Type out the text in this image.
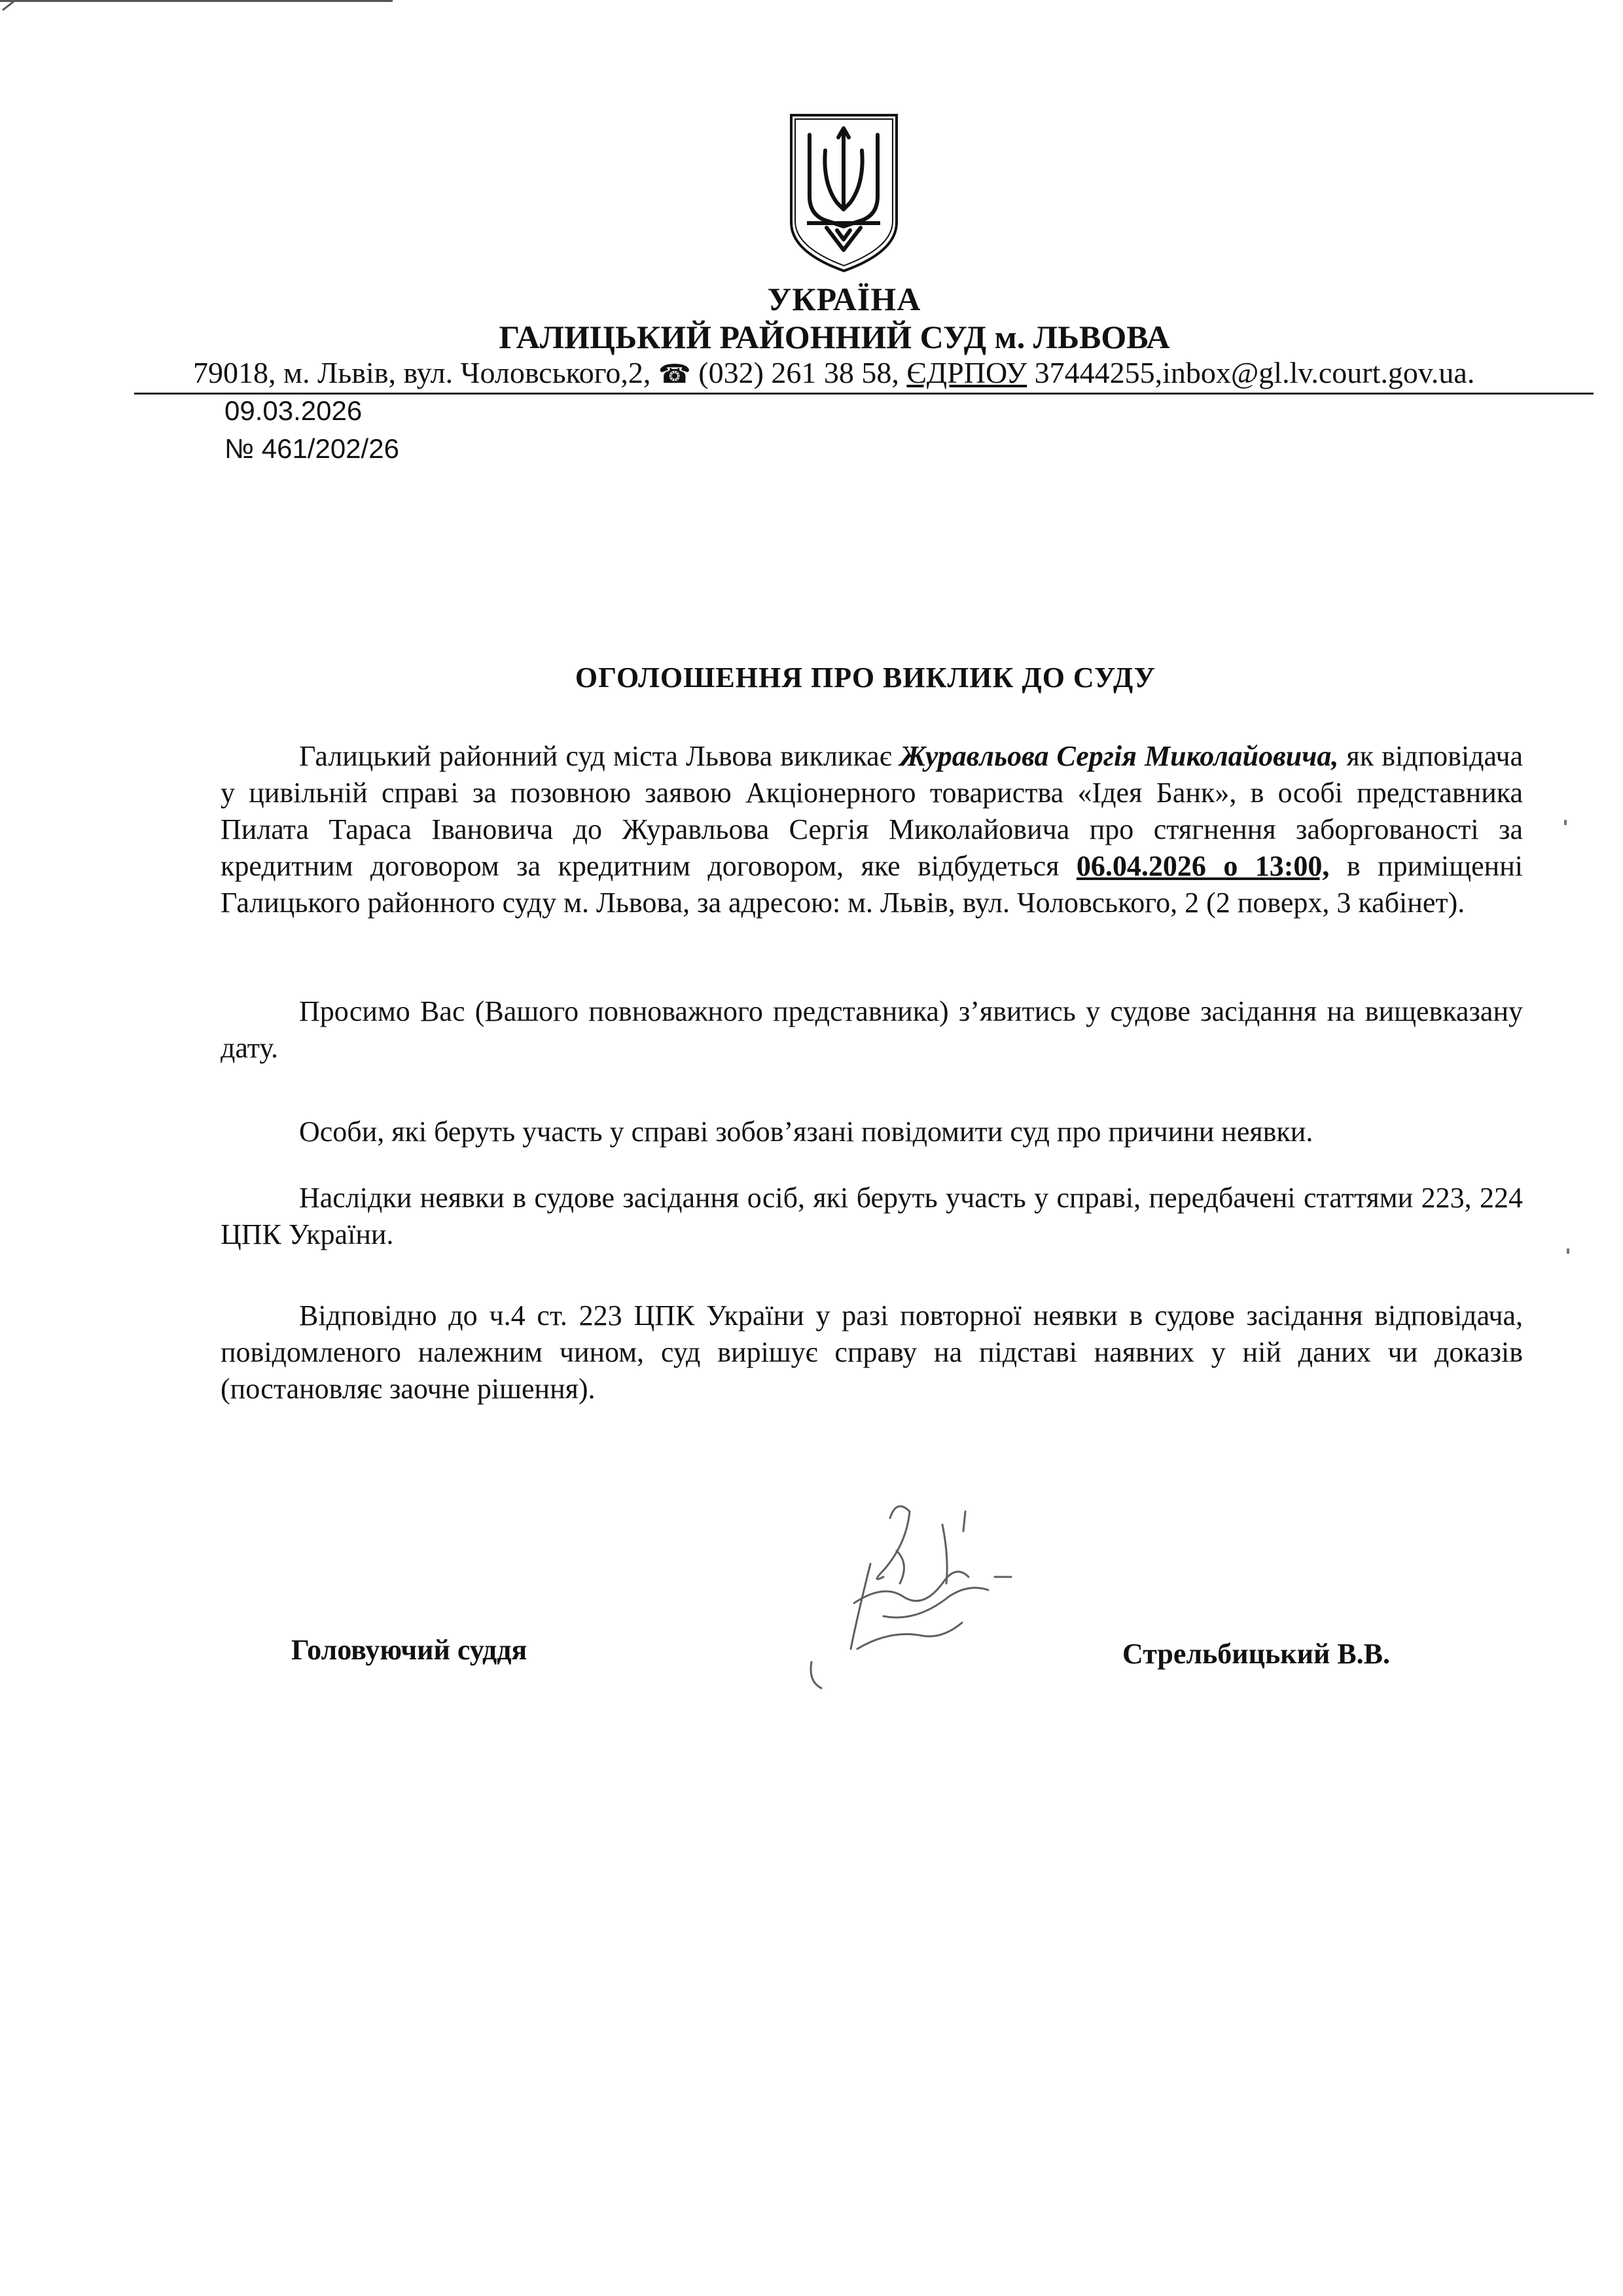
УКРАЇНА
ГАЛИЦЬКИЙ РАЙОННИЙ СУД м. ЛЬВОВА
79018, м. Львів, вул. Чоловського,2, ☎ (032) 261 38 58, ЄДРПОУ 37444255,inbox@gl.lv.court.gov.ua.
09.03.2026
№ 461/202/26
ОГОЛОШЕННЯ ПРО ВИКЛИК ДО СУДУ

Галицький районний суд міста Львова викликає Журавльова Сергія Миколайовича, як відповідача у цивільній справі за позовною заявою Акціонерного товариства «Ідея Банк», в особі представника Пилата Тараса Івановича до Журавльова Сергія Миколайовича про стягнення заборгованості за кредитним договором за кредитним договором, яке відбудеться 06.04.2026 о 13:00, в приміщенні Галицького районного суду м. Львова, за адресою: м. Львів, вул. Чоловського, 2 (2 поверх, 3 кабінет).

Просимо Вас (Вашого повноважного представника) з’явитись у судове засідання на вищевказану дату.

Особи, які беруть участь у справі зобов’язані повідомити суд про причини неявки.

Наслідки неявки в судове засідання осіб, які беруть участь у справі, передбачені статтями 223, 224 ЦПК України.

Відповідно до ч.4 ст. 223 ЦПК України у разі повторної неявки в судове засідання відповідача, повідомленого належним чином, суд вирішує справу на підставі наявних у ній даних чи доказів (постановляє заочне рішення).

Головуючий суддя	Стрельбицький В.В.
